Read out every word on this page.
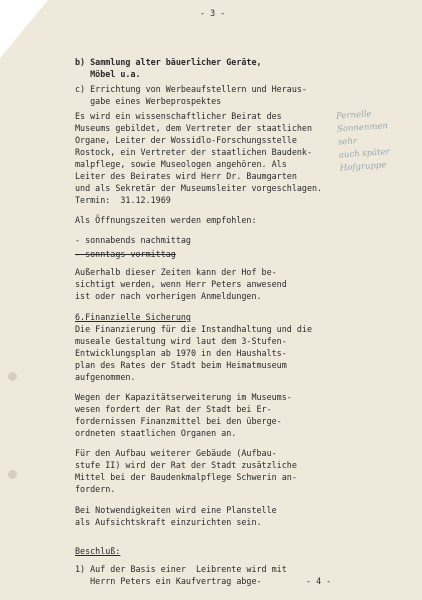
- 3 -
b) Sammlung alter bäuerlicher Geräte,
Möbel u.a.
c) Errichtung von Werbeaufstellern und Heraus-
gabe eines Werbeprospektes
Es wird ein wissenschaftlicher Beirat des
Museums gebildet, dem Vertreter der staatlichen
Organe, Leiter der Wossidlo-Forschungsstelle
Rostock, ein Vertreter der staatlichen Baudenk-
malpflege, sowie Museologen angehören. Als
Leiter des Beirates wird Herr Dr. Baumgarten
und als Sekretär der Museumsleiter vorgeschlagen.
Termin:  31.12.1969
Als Öffnungszeiten werden empfohlen:
- sonnabends nachmittag
- sonntags vormittag
Außerhalb dieser Zeiten kann der Hof be-
sichtigt werden, wenn Herr Peters anwesend
ist oder nach vorherigen Anmeldungen.
6.Finanzielle Sicherung
Die Finanzierung für die Instandhaltung und die
museale Gestaltung wird laut dem 3-Stufen-
Entwicklungsplan ab 1970 in den Haushalts-
plan des Rates der Stadt beim Heimatmuseum
aufgenommen.
Wegen der Kapazitätserweiterung im Museums-
wesen fordert der Rat der Stadt bei Er-
fordernissen Finanzmittel bei den überge-
ordneten staatlichen Organen an.
Für den Aufbau weiterer Gebäude (Aufbau-
stufe II) wird der Rat der Stadt zusätzliche
Mittel bei der Baudenkmalpflege Schwerin an-
fordern.
Bei Notwendigkeiten wird eine Planstelle
als Aufsichtskraft einzurichten sein.
Beschluß:
1) Auf der Basis einer  Leibrente wird mit
Herrn Peters ein Kaufvertrag abge-	- 4 -
Pernelle
Sonnenmen
sehr
auch später
Hofgruppe
